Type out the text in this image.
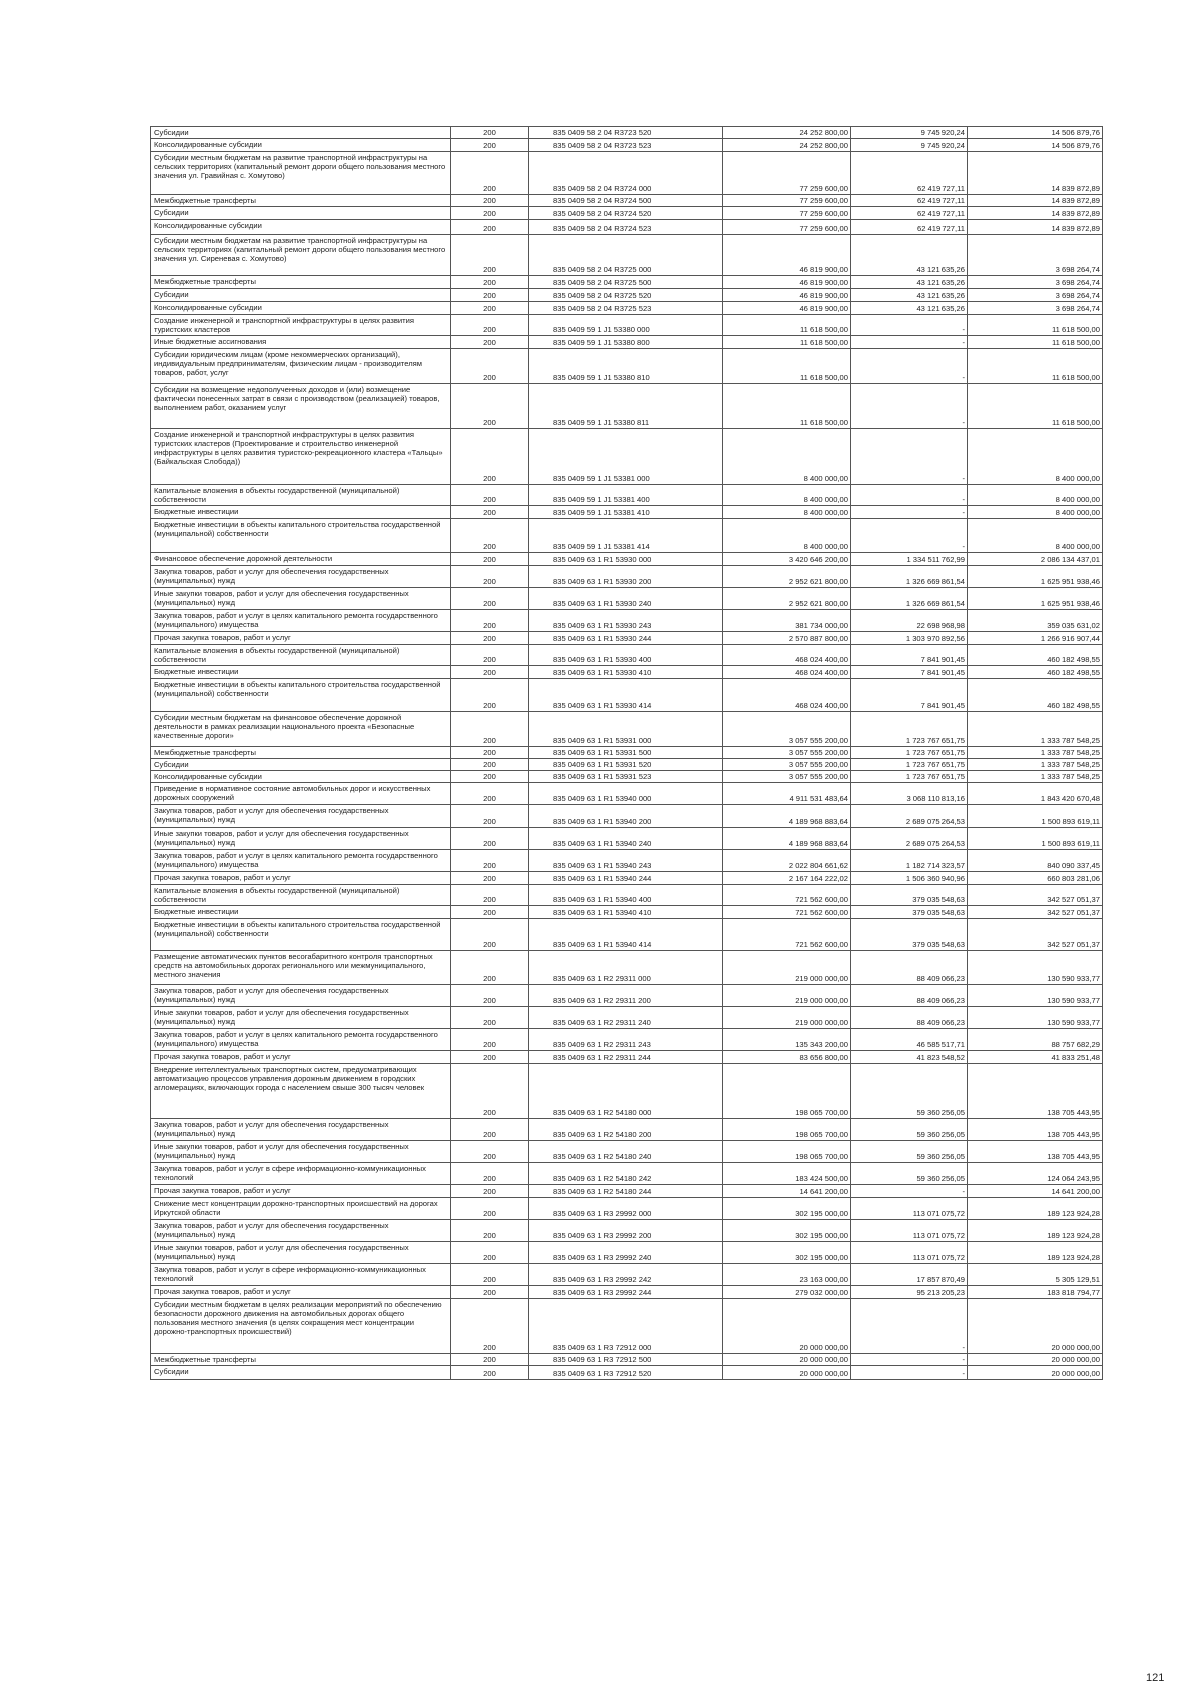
Субсидии	200	835 0409 58 2 04 R3723 520	24 252 800,00	9 745 920,24	14 506 879,76
Консолидированные субсидии	200	835 0409 58 2 04 R3723 523	24 252 800,00	9 745 920,24	14 506 879,76
Субсидии местным бюджетам на развитие транспортной инфраструктуры на сельских территориях (капитальный ремонт дороги общего пользования местного значения ул. Гравийная с. Хомутово)	200	835 0409 58 2 04 R3724 000	77 259 600,00	62 419 727,11	14 839 872,89
Межбюджетные трансферты	200	835 0409 58 2 04 R3724 500	77 259 600,00	62 419 727,11	14 839 872,89
Субсидии	200	835 0409 58 2 04 R3724 520	77 259 600,00	62 419 727,11	14 839 872,89
Консолидированные субсидии	200	835 0409 58 2 04 R3724 523	77 259 600,00	62 419 727,11	14 839 872,89
Субсидии местным бюджетам на развитие транспортной инфраструктуры на сельских территориях (капитальный ремонт дороги общего пользования местного значения ул. Сиреневая с. Хомутово)	200	835 0409 58 2 04 R3725 000	46 819 900,00	43 121 635,26	3 698 264,74
Межбюджетные трансферты	200	835 0409 58 2 04 R3725 500	46 819 900,00	43 121 635,26	3 698 264,74
Субсидии	200	835 0409 58 2 04 R3725 520	46 819 900,00	43 121 635,26	3 698 264,74
Консолидированные субсидии	200	835 0409 58 2 04 R3725 523	46 819 900,00	43 121 635,26	3 698 264,74
Создание инженерной и транспортной инфраструктуры в целях развития туристских кластеров	200	835 0409 59 1 J1 53380 000	11 618 500,00	-	11 618 500,00
Иные бюджетные ассигнования	200	835 0409 59 1 J1 53380 800	11 618 500,00	-	11 618 500,00
Субсидии юридическим лицам (кроме некоммерческих организаций), индивидуальным предпринимателям, физическим лицам - производителям товаров, работ, услуг	200	835 0409 59 1 J1 53380 810	11 618 500,00	-	11 618 500,00
Субсидии на возмещение недополученных доходов и (или) возмещение фактически понесенных затрат в связи с производством (реализацией) товаров, выполнением работ, оказанием услуг	200	835 0409 59 1 J1 53380 811	11 618 500,00	-	11 618 500,00
Создание инженерной и транспортной инфраструктуры в целях развития туристских кластеров (Проектирование и строительство инженерной инфраструктуры в целях развития туристско-рекреационного кластера «Тальцы» (Байкальская Слобода))	200	835 0409 59 1 J1 53381 000	8 400 000,00	-	8 400 000,00
Капитальные вложения в объекты государственной (муниципальной) собственности	200	835 0409 59 1 J1 53381 400	8 400 000,00	-	8 400 000,00
Бюджетные инвестиции	200	835 0409 59 1 J1 53381 410	8 400 000,00	-	8 400 000,00
Бюджетные инвестиции в объекты капитального строительства государственной (муниципальной) собственности	200	835 0409 59 1 J1 53381 414	8 400 000,00	-	8 400 000,00
Финансовое обеспечение дорожной деятельности	200	835 0409 63 1 R1 53930 000	3 420 646 200,00	1 334 511 762,99	2 086 134 437,01
Закупка товаров, работ и услуг для обеспечения государственных (муниципальных) нужд	200	835 0409 63 1 R1 53930 200	2 952 621 800,00	1 326 669 861,54	1 625 951 938,46
Иные закупки товаров, работ и услуг для обеспечения государственных (муниципальных) нужд	200	835 0409 63 1 R1 53930 240	2 952 621 800,00	1 326 669 861,54	1 625 951 938,46
Закупка товаров, работ и услуг в целях капитального ремонта государственного (муниципального) имущества	200	835 0409 63 1 R1 53930 243	381 734 000,00	22 698 968,98	359 035 631,02
Прочая закупка товаров, работ и услуг	200	835 0409 63 1 R1 53930 244	2 570 887 800,00	1 303 970 892,56	1 266 916 907,44
Капитальные вложения в объекты государственной (муниципальной) собственности	200	835 0409 63 1 R1 53930 400	468 024 400,00	7 841 901,45	460 182 498,55
Бюджетные инвестиции	200	835 0409 63 1 R1 53930 410	468 024 400,00	7 841 901,45	460 182 498,55
Бюджетные инвестиции в объекты капитального строительства государственной (муниципальной) собственности	200	835 0409 63 1 R1 53930 414	468 024 400,00	7 841 901,45	460 182 498,55
Субсидии местным бюджетам на финансовое обеспечение дорожной деятельности в рамках реализации национального проекта «Безопасные качественные дороги»	200	835 0409 63 1 R1 53931 000	3 057 555 200,00	1 723 767 651,75	1 333 787 548,25
Межбюджетные трансферты	200	835 0409 63 1 R1 53931 500	3 057 555 200,00	1 723 767 651,75	1 333 787 548,25
Субсидии	200	835 0409 63 1 R1 53931 520	3 057 555 200,00	1 723 767 651,75	1 333 787 548,25
Консолидированные субсидии	200	835 0409 63 1 R1 53931 523	3 057 555 200,00	1 723 767 651,75	1 333 787 548,25
Приведение в нормативное состояние автомобильных дорог и искусственных дорожных сооружений	200	835 0409 63 1 R1 53940 000	4 911 531 483,64	3 068 110 813,16	1 843 420 670,48
Закупка товаров, работ и услуг для обеспечения государственных (муниципальных) нужд	200	835 0409 63 1 R1 53940 200	4 189 968 883,64	2 689 075 264,53	1 500 893 619,11
Иные закупки товаров, работ и услуг для обеспечения государственных (муниципальных) нужд	200	835 0409 63 1 R1 53940 240	4 189 968 883,64	2 689 075 264,53	1 500 893 619,11
Закупка товаров, работ и услуг в целях капитального ремонта государственного (муниципального) имущества	200	835 0409 63 1 R1 53940 243	2 022 804 661,62	1 182 714 323,57	840 090 337,45
Прочая закупка товаров, работ и услуг	200	835 0409 63 1 R1 53940 244	2 167 164 222,02	1 506 360 940,96	660 803 281,06
Капитальные вложения в объекты государственной (муниципальной) собственности	200	835 0409 63 1 R1 53940 400	721 562 600,00	379 035 548,63	342 527 051,37
Бюджетные инвестиции	200	835 0409 63 1 R1 53940 410	721 562 600,00	379 035 548,63	342 527 051,37
Бюджетные инвестиции в объекты капитального строительства государственной (муниципальной) собственности	200	835 0409 63 1 R1 53940 414	721 562 600,00	379 035 548,63	342 527 051,37
Размещение автоматических пунктов весогабаритного контроля транспортных средств на автомобильных дорогах регионального или межмуниципального, местного значения	200	835 0409 63 1 R2 29311 000	219 000 000,00	88 409 066,23	130 590 933,77
Закупка товаров, работ и услуг для обеспечения государственных (муниципальных) нужд	200	835 0409 63 1 R2 29311 200	219 000 000,00	88 409 066,23	130 590 933,77
Иные закупки товаров, работ и услуг для обеспечения государственных (муниципальных) нужд	200	835 0409 63 1 R2 29311 240	219 000 000,00	88 409 066,23	130 590 933,77
Закупка товаров, работ и услуг в целях капитального ремонта государственного (муниципального) имущества	200	835 0409 63 1 R2 29311 243	135 343 200,00	46 585 517,71	88 757 682,29
Прочая закупка товаров, работ и услуг	200	835 0409 63 1 R2 29311 244	83 656 800,00	41 823 548,52	41 833 251,48
Внедрение интеллектуальных транспортных систем, предусматривающих автоматизацию процессов управления дорожным движением в городских агломерациях, включающих города с населением свыше 300 тысяч человек	200	835 0409 63 1 R2 54180 000	198 065 700,00	59 360 256,05	138 705 443,95
Закупка товаров, работ и услуг для обеспечения государственных (муниципальных) нужд	200	835 0409 63 1 R2 54180 200	198 065 700,00	59 360 256,05	138 705 443,95
Иные закупки товаров, работ и услуг для обеспечения государственных (муниципальных) нужд	200	835 0409 63 1 R2 54180 240	198 065 700,00	59 360 256,05	138 705 443,95
Закупка товаров, работ и услуг в сфере информационно-коммуникационных технологий	200	835 0409 63 1 R2 54180 242	183 424 500,00	59 360 256,05	124 064 243,95
Прочая закупка товаров, работ и услуг	200	835 0409 63 1 R2 54180 244	14 641 200,00	-	14 641 200,00
Снижение мест концентрации дорожно-транспортных происшествий на дорогах Иркутской области	200	835 0409 63 1 R3 29992 000	302 195 000,00	113 071 075,72	189 123 924,28
Закупка товаров, работ и услуг для обеспечения государственных (муниципальных) нужд	200	835 0409 63 1 R3 29992 200	302 195 000,00	113 071 075,72	189 123 924,28
Иные закупки товаров, работ и услуг для обеспечения государственных (муниципальных) нужд	200	835 0409 63 1 R3 29992 240	302 195 000,00	113 071 075,72	189 123 924,28
Закупка товаров, работ и услуг в сфере информационно-коммуникационных технологий	200	835 0409 63 1 R3 29992 242	23 163 000,00	17 857 870,49	5 305 129,51
Прочая закупка товаров, работ и услуг	200	835 0409 63 1 R3 29992 244	279 032 000,00	95 213 205,23	183 818 794,77
Субсидии местным бюджетам в целях реализации мероприятий по обеспечению безопасности дорожного движения на автомобильных дорогах общего пользования местного значения (в целях сокращения мест концентрации дорожно-транспортных происшествий)	200	835 0409 63 1 R3 72912 000	20 000 000,00	-	20 000 000,00
Межбюджетные трансферты	200	835 0409 63 1 R3 72912 500	20 000 000,00	-	20 000 000,00
Субсидии	200	835 0409 63 1 R3 72912 520	20 000 000,00	-	20 000 000,00
121
